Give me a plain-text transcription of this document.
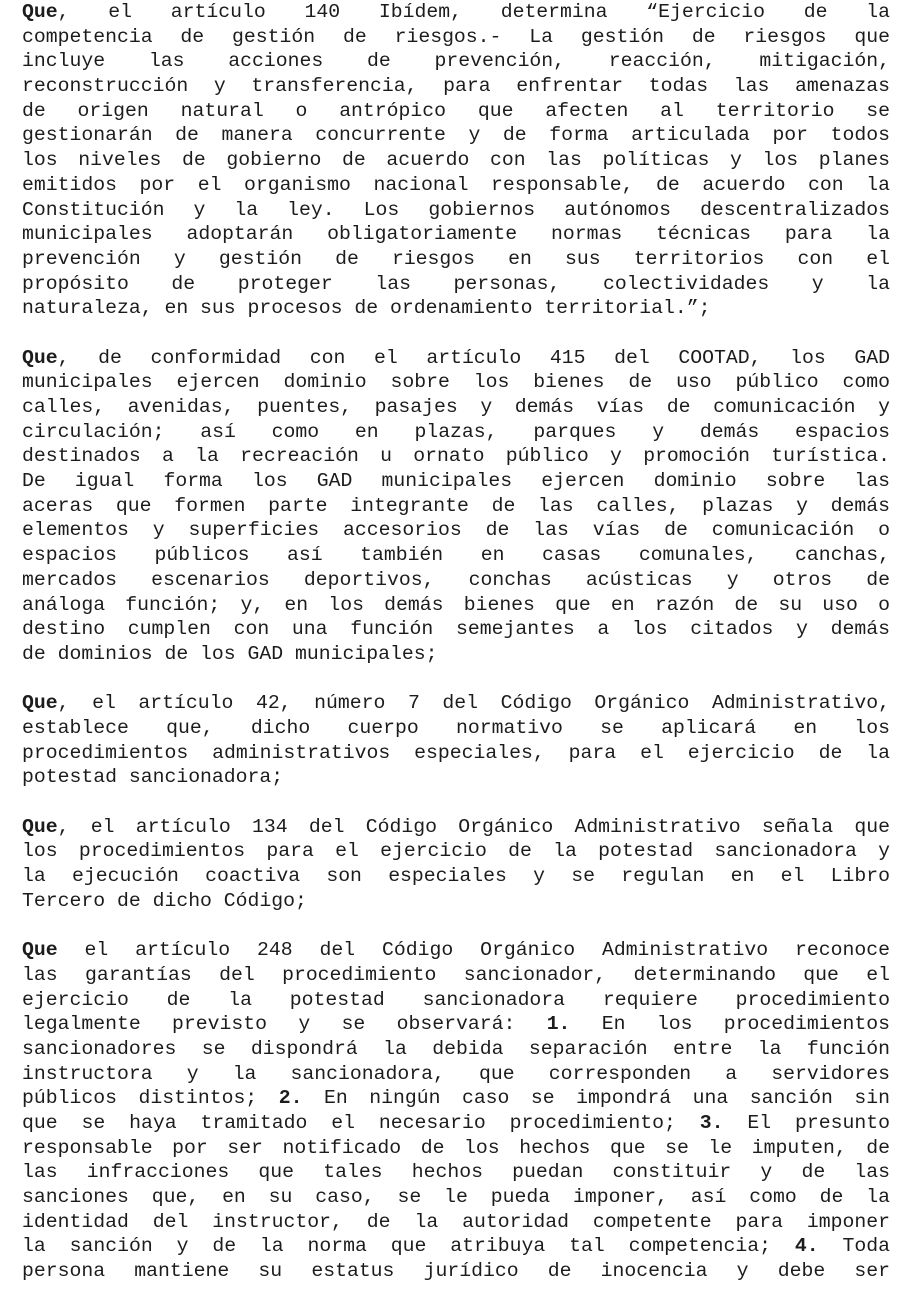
Que, el artículo 140 Ibídem, determina “Ejercicio de la
competencia de gestión de riesgos.- La gestión de riesgos que
incluye las acciones de prevención, reacción, mitigación,
reconstrucción y transferencia, para enfrentar todas las amenazas
de origen natural o antrópico que afecten al territorio se
gestionarán de manera concurrente y de forma articulada por todos
los niveles de gobierno de acuerdo con las políticas y los planes
emitidos por el organismo nacional responsable, de acuerdo con la
Constitución y la ley. Los gobiernos autónomos descentralizados
municipales adoptarán obligatoriamente normas técnicas para la
prevención y gestión de riesgos en sus territorios con el
propósito de proteger las personas, colectividades y la
naturaleza, en sus procesos de ordenamiento territorial.”;
Que, de conformidad con el artículo 415 del COOTAD, los GAD
municipales ejercen dominio sobre los bienes de uso público como
calles, avenidas, puentes, pasajes y demás vías de comunicación y
circulación; así como en plazas, parques y demás espacios
destinados a la recreación u ornato público y promoción turística.
De igual forma los GAD municipales ejercen dominio sobre las
aceras que formen parte integrante de las calles, plazas y demás
elementos y superficies accesorios de las vías de comunicación o
espacios públicos así también en casas comunales, canchas,
mercados escenarios deportivos, conchas acústicas y otros de
análoga función; y, en los demás bienes que en razón de su uso o
destino cumplen con una función semejantes a los citados y demás
de dominios de los GAD municipales;
Que, el artículo 42, número 7 del Código Orgánico Administrativo,
establece que, dicho cuerpo normativo se aplicará en los
procedimientos administrativos especiales, para el ejercicio de la
potestad sancionadora;
Que, el artículo 134 del Código Orgánico Administrativo señala que
los procedimientos para el ejercicio de la potestad sancionadora y
la ejecución coactiva son especiales y se regulan en el Libro
Tercero de dicho Código;
Que el artículo 248 del Código Orgánico Administrativo reconoce
las garantías del procedimiento sancionador, determinando que el
ejercicio de la potestad sancionadora requiere procedimiento
legalmente previsto y se observará: 1. En los procedimientos
sancionadores se dispondrá la debida separación entre la función
instructora y la sancionadora, que corresponden a servidores
públicos distintos; 2. En ningún caso se impondrá una sanción sin
que se haya tramitado el necesario procedimiento; 3. El presunto
responsable por ser notificado de los hechos que se le imputen, de
las infracciones que tales hechos puedan constituir y de las
sanciones que, en su caso, se le pueda imponer, así como de la
identidad del instructor, de la autoridad competente para imponer
la sanción y de la norma que atribuya tal competencia; 4. Toda
persona mantiene su estatus jurídico de inocencia y debe ser
